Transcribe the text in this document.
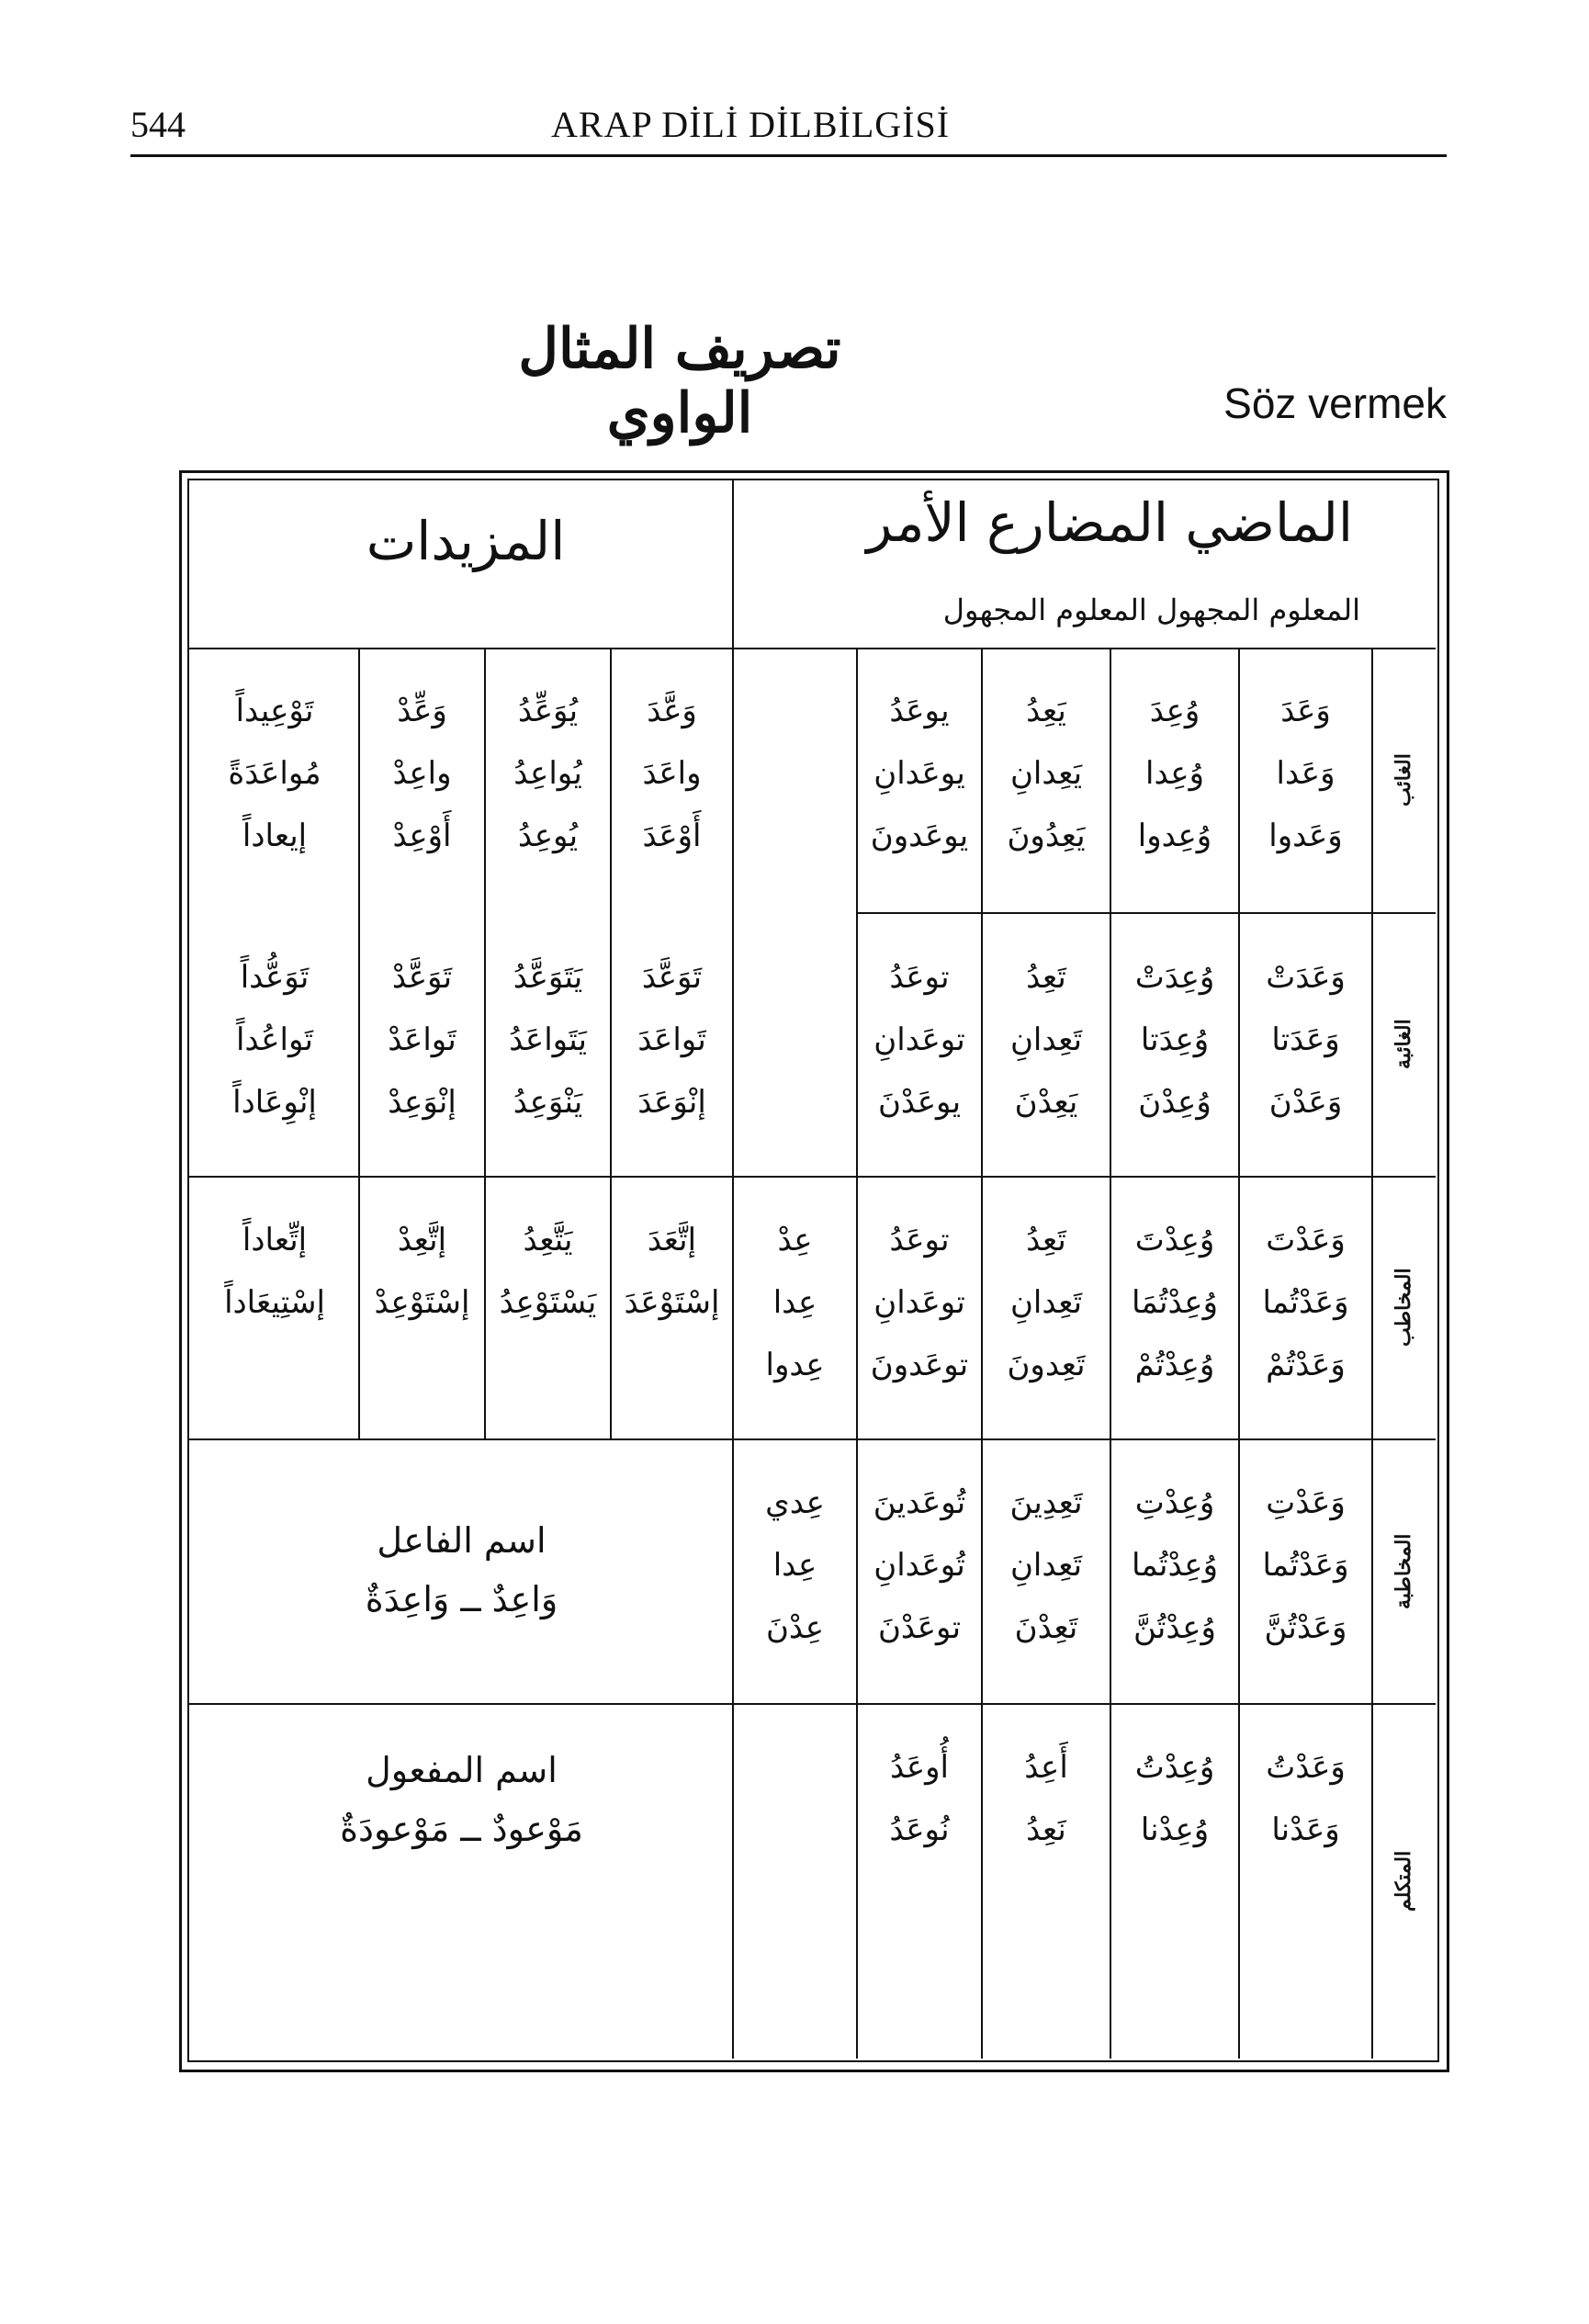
544	ARAP DİLİ DİLBİLGİSİ
تصريف المثال الواوي	Söz vermek
الماضي المضارع الأمر
المعلوم المجهول المعلوم المجهول
المزيدات
الغائب
الغائبة
المخاطب
المخاطبة
المتكلم
وَعَدَ
وَعَدا
وَعَدوا
وُعِدَ
وُعِدا
وُعِدوا
يَعِدُ
يَعِدانِ
يَعِدُونَ
يوعَدُ
يوعَدانِ
يوعَدونَ
وَعَّدَ
واعَدَ
أَوْعَدَ
يُوَعِّدُ
يُواعِدُ
يُوعِدُ
وَعِّدْ
واعِدْ
أَوْعِدْ
تَوْعِيداً
مُواعَدَةً
إيعاداً
وَعَدَتْ
وَعَدَتا
وَعَدْنَ
وُعِدَتْ
وُعِدَتا
وُعِدْنَ
تَعِدُ
تَعِدانِ
يَعِدْنَ
توعَدُ
توعَدانِ
يوعَدْنَ
تَوَعَّدَ
تَواعَدَ
إنْوَعَدَ
يَتَوَعَّدُ
يَتَواعَدُ
يَنْوَعِدُ
تَوَعَّدْ
تَواعَدْ
إنْوَعِدْ
تَوَعُّداً
تَواعُداً
إنْوِعَاداً
وَعَدْتَ
وَعَدْتُما
وَعَدْتُمْ
وُعِدْتَ
وُعِدْتُمَا
وُعِدْتُمْ
تَعِدُ
تَعِدانِ
تَعِدونَ
توعَدُ
توعَدانِ
توعَدونَ
عِدْ
عِدا
عِدوا
إتَّعَدَ
إسْتَوْعَدَ
يَتَّعِدُ
يَسْتَوْعِدُ
إتَّعِدْ
إسْتَوْعِدْ
إتِّعاداً
إسْتِيعَاداً
وَعَدْتِ
وَعَدْتُما
وَعَدْتُنَّ
وُعِدْتِ
وُعِدْتُما
وُعِدْتُنَّ
تَعِدِينَ
تَعِدانِ
تَعِدْنَ
تُوعَدينَ
تُوعَدانِ
توعَدْنَ
عِدي
عِدا
عِدْنَ
اسم الفاعل
وَاعِدٌ ــ وَاعِدَةٌ
وَعَدْتُ
وَعَدْنا
وُعِدْتُ
وُعِدْنا
أَعِدُ
نَعِدُ
أُوعَدُ
نُوعَدُ
اسم المفعول
مَوْعودٌ ــ مَوْعودَةٌ
